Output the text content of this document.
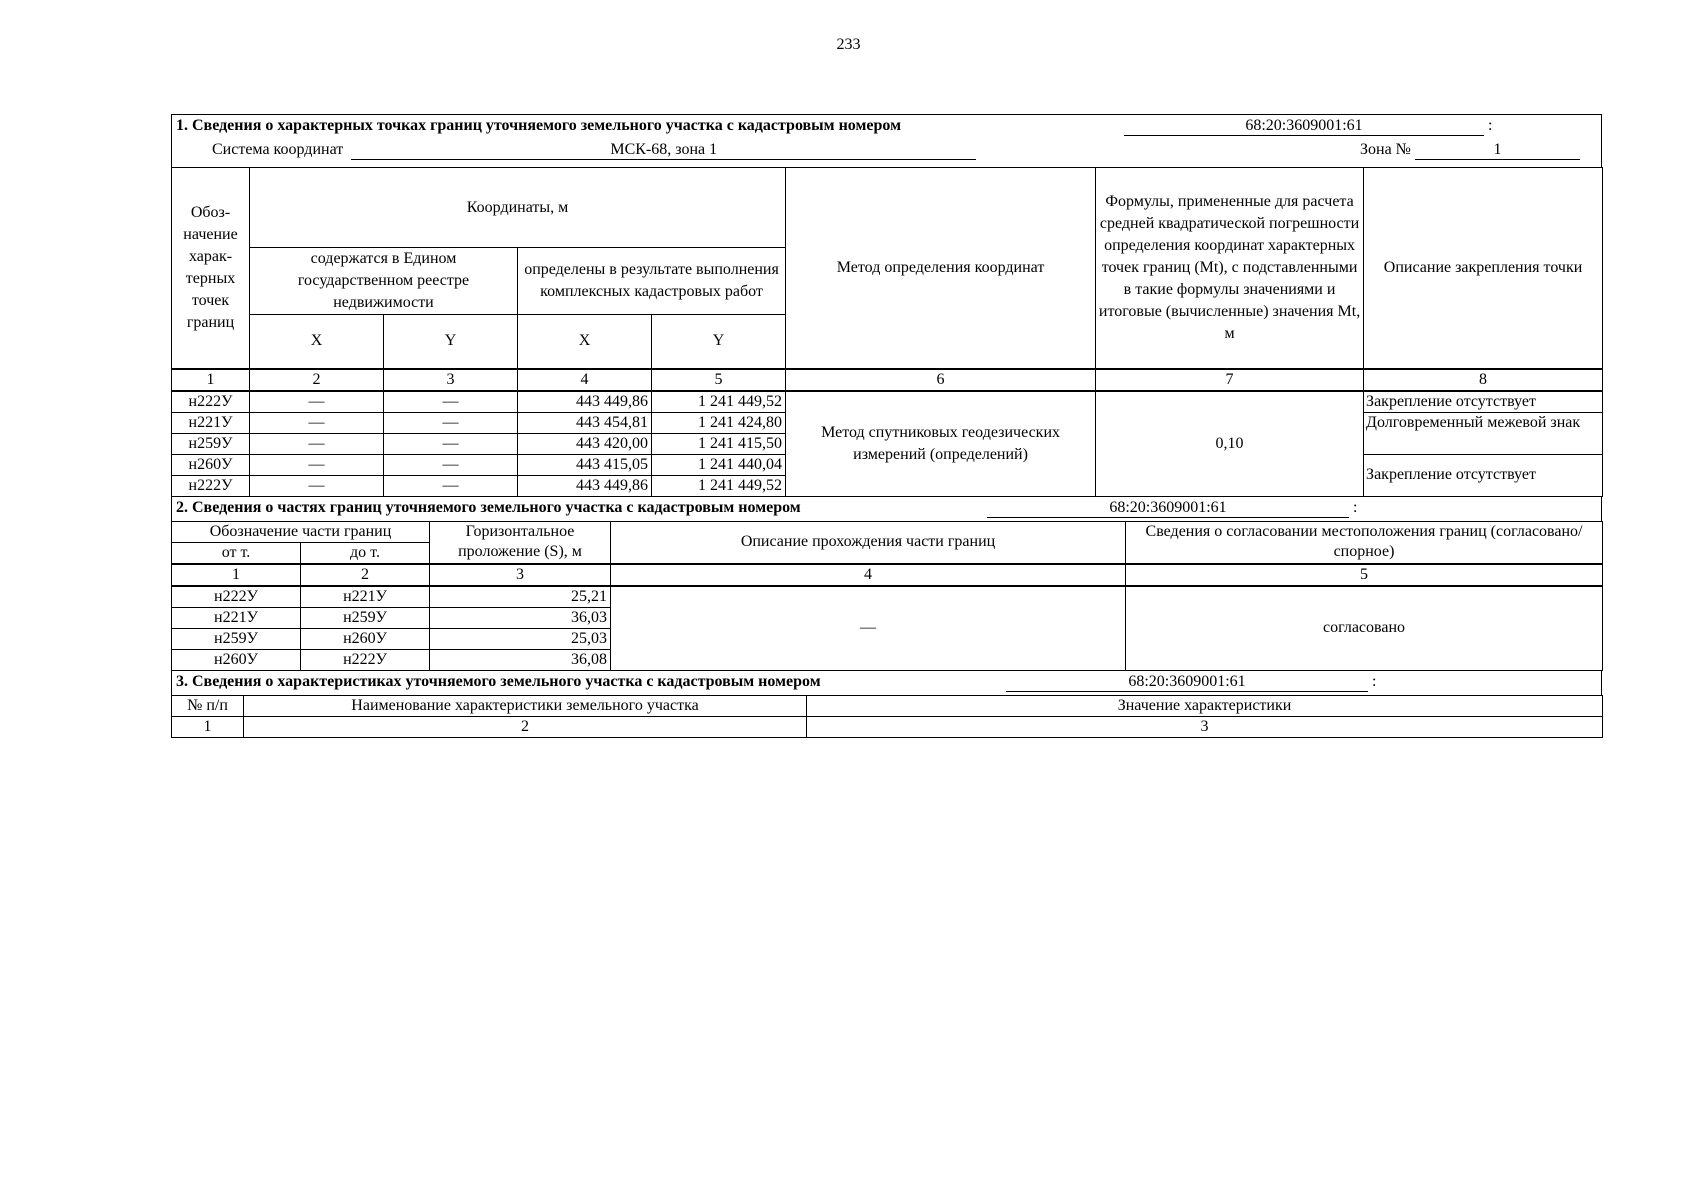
233
1. Сведения о характерных точках границ уточняемого земельного участка с кадастровым номером	68:20:3609001:61	:
Система координат	МСК-68, зона 1	Зона №	1
Обоз-начение харак-терных точек границ	Координаты, м				Метод определения координат	Формулы, примененные для расчета средней квадратической погрешности определения координат характерных точек границ (Mt), с подставленными в такие формулы значениями и итоговые (вычисленные) значения Mt, м	Описание закрепления точки
	содержатся в Едином государственном реестре недвижимости		определены в результате выполнения комплексных кадастровых работ				
	X	Y	X	Y			
1	2	3	4	5	6	7	8
н222У	—	—	443 449,86	1 241 449,52	Метод спутниковых геодезических измерений (определений)	0,10	Закрепление отсутствует
н221У	—	—	443 454,81	1 241 424,80			Долговременный межевой знак
н259У	—	—	443 420,00	1 241 415,50			
н260У	—	—	443 415,05	1 241 440,04			Закрепление отсутствует
н222У	—	—	443 449,86	1 241 449,52			
2. Сведения о частях границ уточняемого земельного участка с кадастровым номером	68:20:3609001:61	:
Обозначение части границ		Горизонтальное проложение (S), м	Описание прохождения части границ	Сведения о согласовании местоположения границ (согласовано/спорное)
от т.	до т.			
1	2	3	4	5
н222У	н221У	25,21	—	согласовано
н221У	н259У	36,03		
н259У	н260У	25,03		
н260У	н222У	36,08		
3. Сведения о характеристиках уточняемого земельного участка с кадастровым номером	68:20:3609001:61	:
№ п/п	Наименование характеристики земельного участка	Значение характеристики
1	2	3
